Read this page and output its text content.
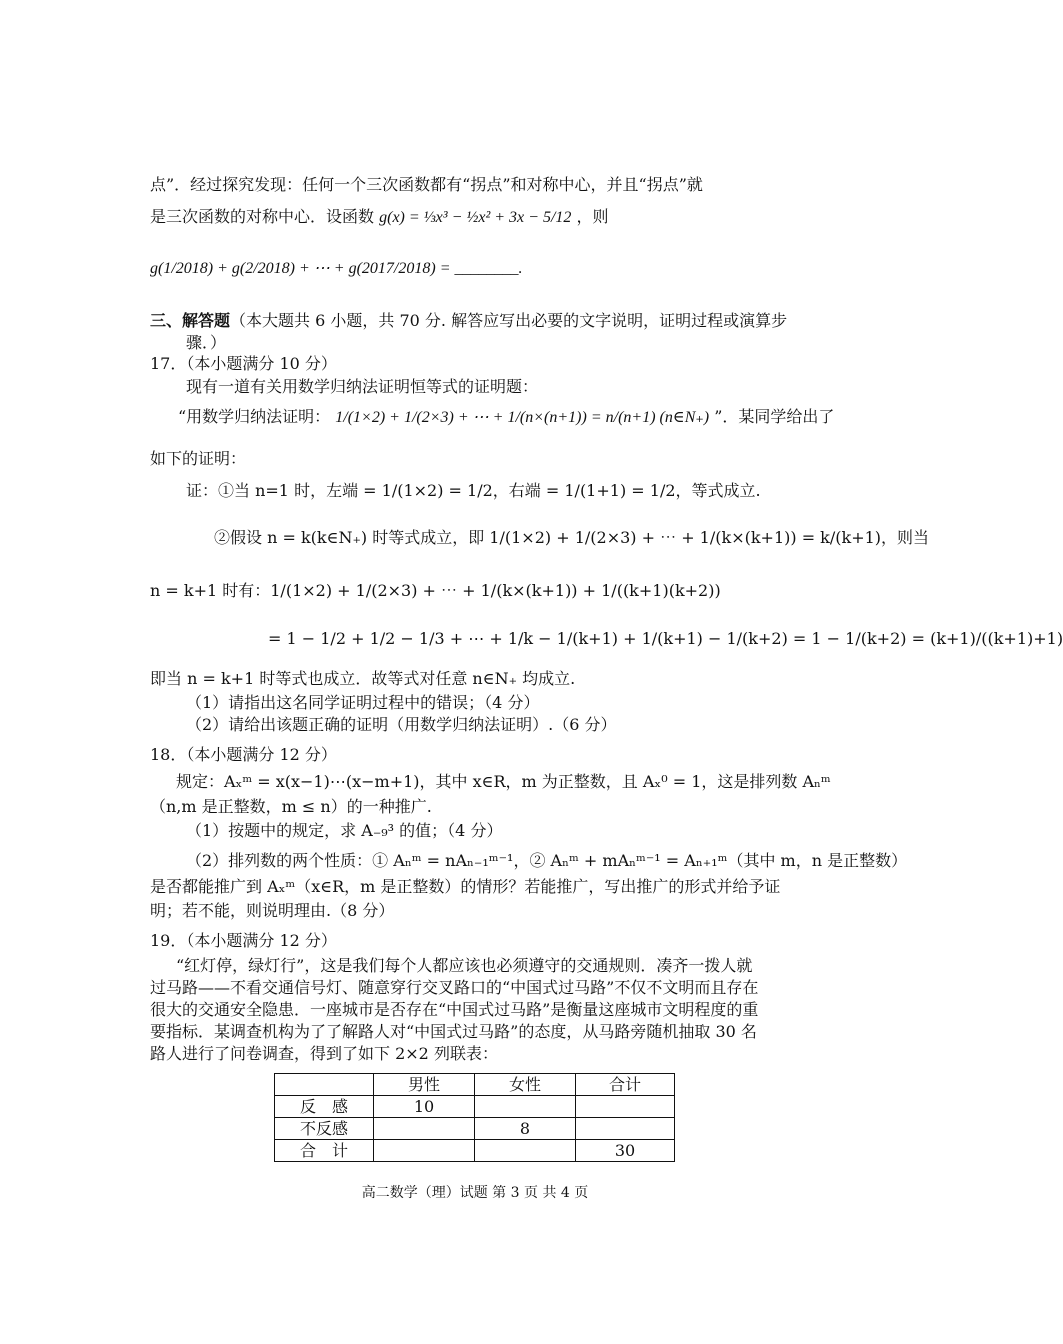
点”．经过探究发现：任何一个三次函数都有“拐点”和对称中心，并且“拐点”就
是三次函数的对称中心．设函数 g(x) = ⅓x³ − ½x² + 3x − 5/12 ，则
g(1/2018) + g(2/2018) + ⋯ + g(2017/2018) = ________.
三、解答题（本大题共 6 小题，共 70 分. 解答应写出必要的文字说明，证明过程或演算步
骤．）
17．（本小题满分 10 分）
现有一道有关用数学归纳法证明恒等式的证明题：
“用数学归纳法证明： 1/(1×2) + 1/(2×3) + ⋯ + 1/(n×(n+1)) = n/(n+1) (n∈N₊) ”．某同学给出了
如下的证明：
证：①当 n=1 时，左端 = 1/(1×2) = 1/2，右端 = 1/(1+1) = 1/2，等式成立.
②假设 n = k(k∈N₊) 时等式成立，即 1/(1×2) + 1/(2×3) + ⋯ + 1/(k×(k+1)) = k/(k+1)，则当
n = k+1 时有：1/(1×2) + 1/(2×3) + ⋯ + 1/(k×(k+1)) + 1/((k+1)(k+2))
= 1 − 1/2 + 1/2 − 1/3 + ⋯ + 1/k − 1/(k+1) + 1/(k+1) − 1/(k+2) = 1 − 1/(k+2) = (k+1)/((k+1)+1)
即当 n = k+1 时等式也成立．故等式对任意 n∈N₊ 均成立.
（1）请指出这名同学证明过程中的错误；（4 分）
（2）请给出该题正确的证明（用数学归纳法证明）.（6 分）
18．（本小题满分 12 分）
规定：Aₓᵐ = x(x−1)⋯(x−m+1)，其中 x∈R，m 为正整数，且 Aₓ⁰ = 1，这是排列数 Aₙᵐ
（n,m 是正整数，m ≤ n）的一种推广.
（1）按题中的规定，求 A₋₉³ 的值；（4 分）
（2）排列数的两个性质：① Aₙᵐ = nAₙ₋₁ᵐ⁻¹，② Aₙᵐ + mAₙᵐ⁻¹ = Aₙ₊₁ᵐ（其中 m，n 是正整数）
是否都能推广到 Aₓᵐ（x∈R，m 是正整数）的情形？若能推广，写出推广的形式并给予证
明；若不能，则说明理由.（8 分）
19．（本小题满分 12 分）
“红灯停，绿灯行”，这是我们每个人都应该也必须遵守的交通规则．凑齐一拨人就
过马路——不看交通信号灯、随意穿行交叉路口的“中国式过马路”不仅不文明而且存在
很大的交通安全隐患．一座城市是否存在“中国式过马路”是衡量这座城市文明程度的重
要指标．某调查机构为了了解路人对“中国式过马路”的态度，从马路旁随机抽取 30 名
路人进行了问卷调查，得到了如下 2×2 列联表：
	男性	女性	合计
反　感	10		
不反感		8	
合　计			30
高二数学（理）试题 第 3 页 共 4 页
